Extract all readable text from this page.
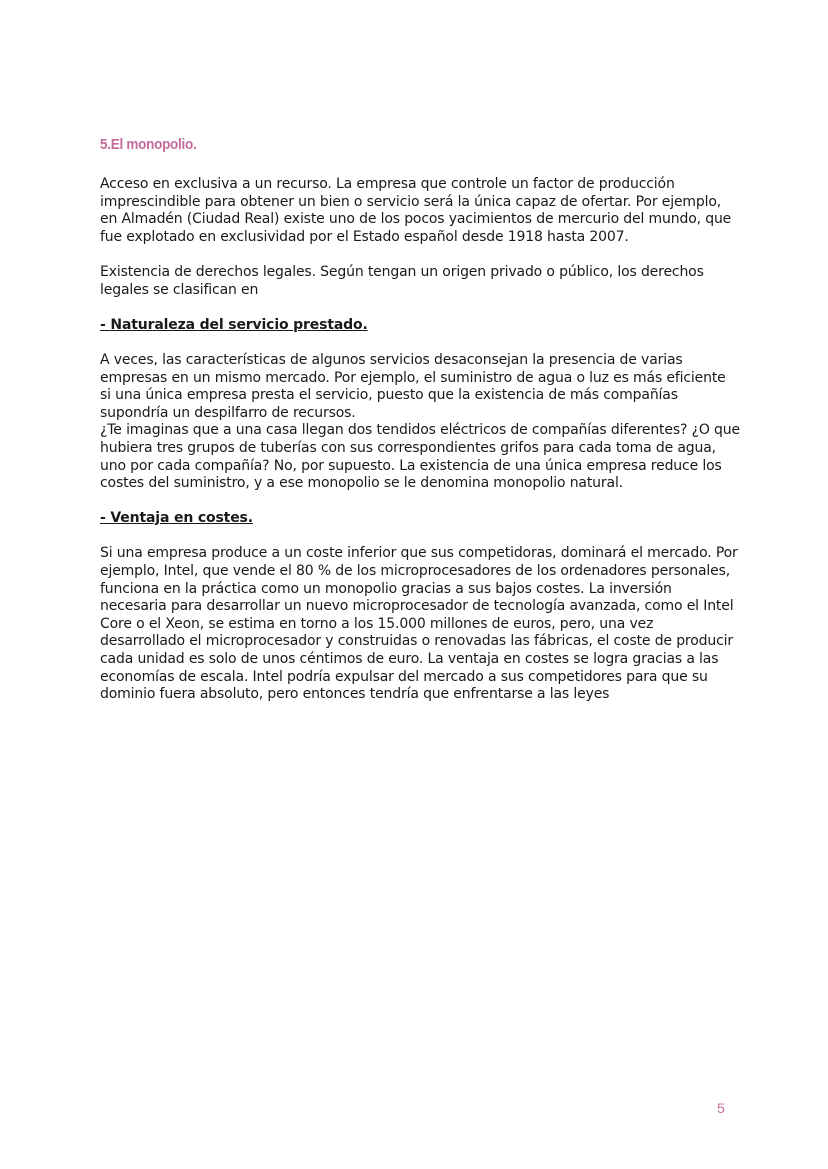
5.El monopolio.

Acceso en exclusiva a un recurso. La empresa que controle un factor de producción imprescindible para obtener un bien o servicio será la única capaz de ofertar. Por ejemplo, en Almadén (Ciudad Real) existe uno de los pocos yacimientos de mercurio del mundo, que fue explotado en exclusividad por el Estado español desde 1918 hasta 2007.

Existencia de derechos legales. Según tengan un origen privado o público, los derechos legales se clasifican en

- Naturaleza del servicio prestado.

A veces, las características de algunos servicios desaconsejan la presencia de varias empresas en un mismo mercado. Por ejemplo, el suministro de agua o luz es más eficiente si una única empresa presta el servicio, puesto que la existencia de más compañías supondría un despilfarro de recursos.

¿Te imaginas que a una casa llegan dos tendidos eléctricos de compañías diferentes? ¿O que hubiera tres grupos de tuberías con sus correspondientes grifos para cada toma de agua, uno por cada compañía? No, por supuesto. La existencia de una única empresa reduce los costes del suministro, y a ese monopolio se le denomina monopolio natural.

- Ventaja en costes.

Si una empresa produce a un coste inferior que sus competidoras, dominará el mercado. Por ejemplo, Intel, que vende el 80 % de los microprocesadores de los ordenadores personales, funciona en la práctica como un monopolio gracias a sus bajos costes. La inversión necesaria para desarrollar un nuevo microprocesador de tecnología avanzada, como el Intel Core o el Xeon, se estima en torno a los 15.000 millones de euros, pero, una vez desarrollado el microprocesador y construidas o renovadas las fábricas, el coste de producir cada unidad es solo de unos céntimos de euro. La ventaja en costes se logra gracias a las economías de escala. Intel podría expulsar del mercado a sus competidores para que su dominio fuera absoluto, pero entonces tendría que enfrentarse a las leyes

5
